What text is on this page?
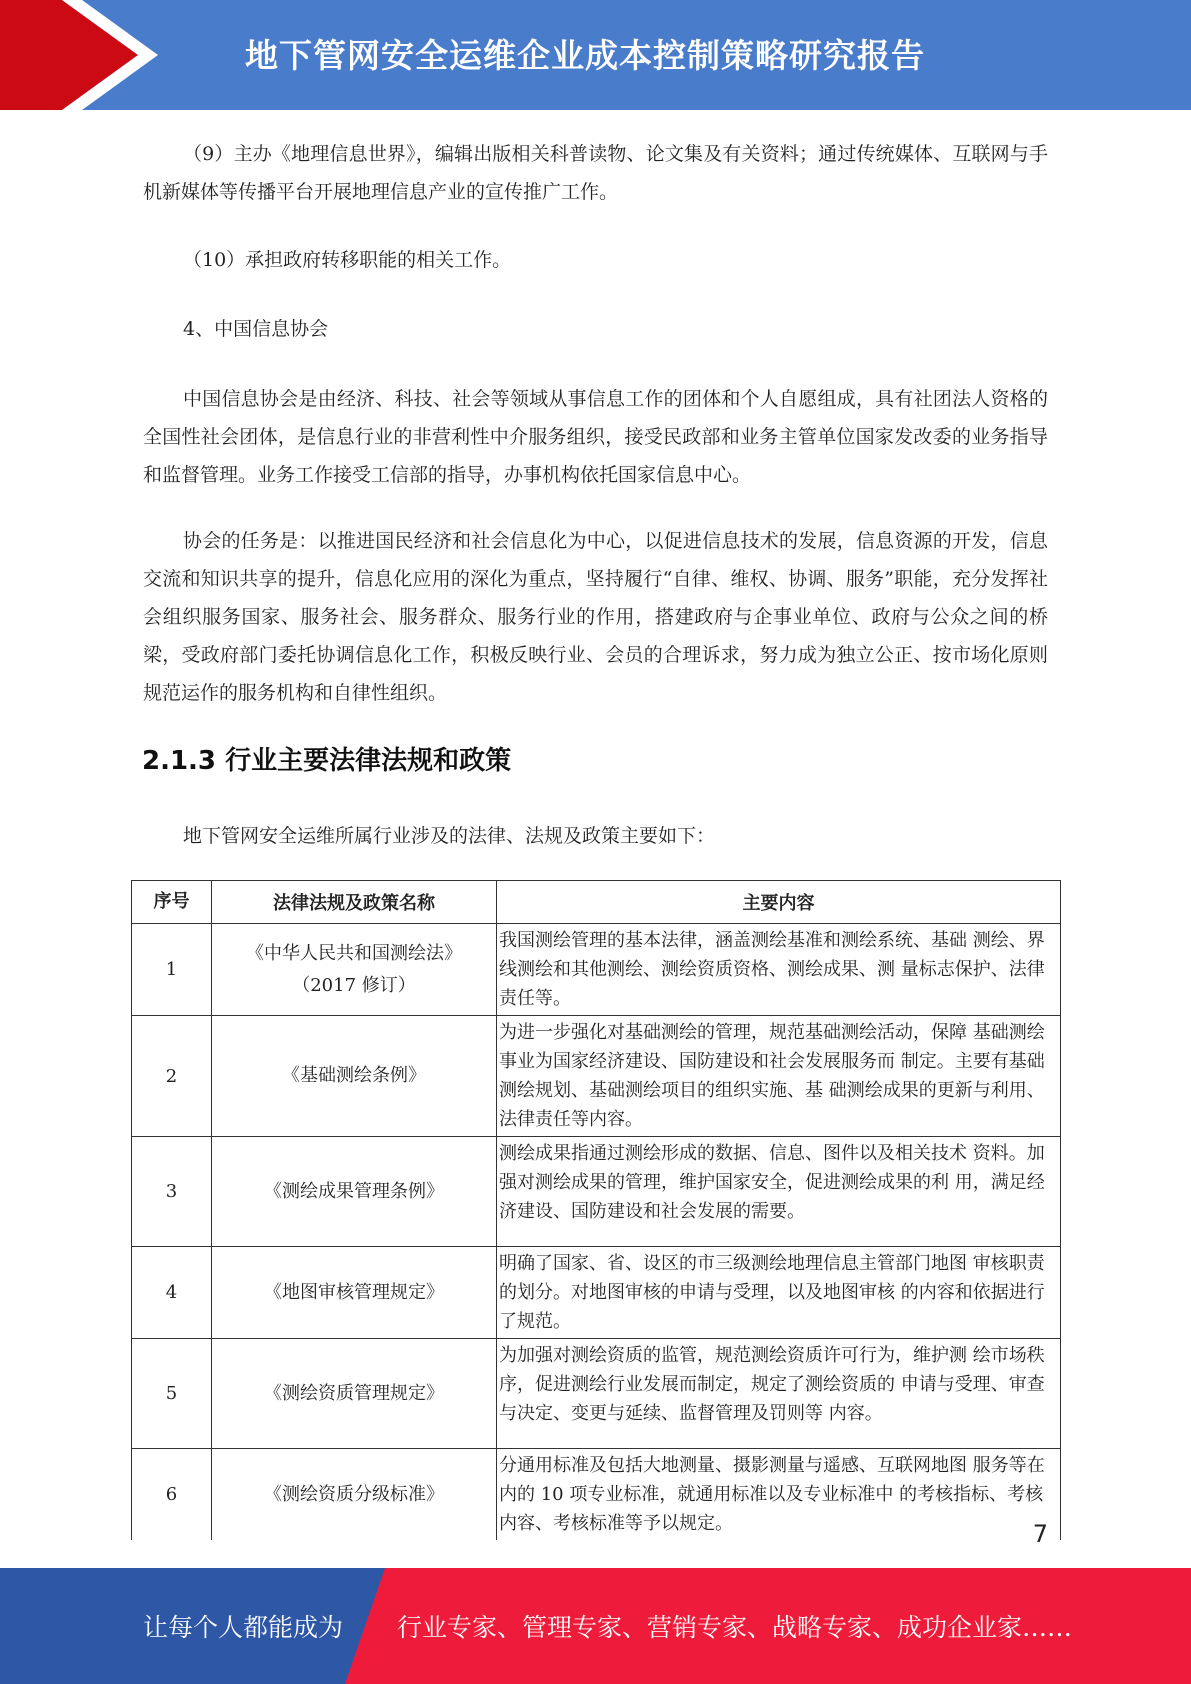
地下管网安全运维企业成本控制策略研究报告

（9）主办《地理信息世界》，编辑出版相关科普读物、论文集及有关资料；通过传统媒体、互联网与手机新媒体等传播平台开展地理信息产业的宣传推广工作。

（10）承担政府转移职能的相关工作。

4、中国信息协会

中国信息协会是由经济、科技、社会等领域从事信息工作的团体和个人自愿组成，具有社团法人资格的全国性社会团体，是信息行业的非营利性中介服务组织，接受民政部和业务主管单位国家发改委的业务指导和监督管理。业务工作接受工信部的指导，办事机构依托国家信息中心。

协会的任务是：以推进国民经济和社会信息化为中心，以促进信息技术的发展，信息资源的开发，信息交流和知识共享的提升，信息化应用的深化为重点，坚持履行“自律、维权、协调、服务”职能，充分发挥社会组织服务国家、服务社会、服务群众、服务行业的作用，搭建政府与企事业单位、政府与公众之间的桥梁，受政府部门委托协调信息化工作，积极反映行业、会员的合理诉求，努力成为独立公正、按市场化原则规范运作的服务机构和自律性组织。

2.1.3 行业主要法律法规和政策

地下管网安全运维所属行业涉及的法律、法规及政策主要如下：

序号	法律法规及政策名称	主要内容
1	《中华人民共和国测绘法》（2017 修订）	我国测绘管理的基本法律，涵盖测绘基准和测绘系统、基础 测绘、界线测绘和其他测绘、测绘资质资格、测绘成果、测 量标志保护、法律责任等。
2	《基础测绘条例》	为进一步强化对基础测绘的管理，规范基础测绘活动，保障 基础测绘事业为国家经济建设、国防建设和社会发展服务而 制定。主要有基础测绘规划、基础测绘项目的组织实施、基 础测绘成果的更新与利用、法律责任等内容。
3	《测绘成果管理条例》	测绘成果指通过测绘形成的数据、信息、图件以及相关技术 资料。加强对测绘成果的管理，维护国家安全，促进测绘成果的利 用，满足经济建设、国防建设和社会发展的需要。
4	《地图审核管理规定》	明确了国家、省、设区的市三级测绘地理信息主管部门地图 审核职责的划分。对地图审核的申请与受理，以及地图审核 的内容和依据进行了规范。
5	《测绘资质管理规定》	为加强对测绘资质的监管，规范测绘资质许可行为，维护测 绘市场秩序，促进测绘行业发展而制定，规定了测绘资质的 申请与受理、审查与决定、变更与延续、监督管理及罚则等 内容。
6	《测绘资质分级标准》	分通用标准及包括大地测量、摄影测量与遥感、互联网地图 服务等在内的 10 项专业标准，就通用标准以及专业标准中 的考核指标、考核内容、考核标准等予以规定。	7
让每个人都能成为 行业专家、管理专家、营销专家、战略专家、成功企业家……
